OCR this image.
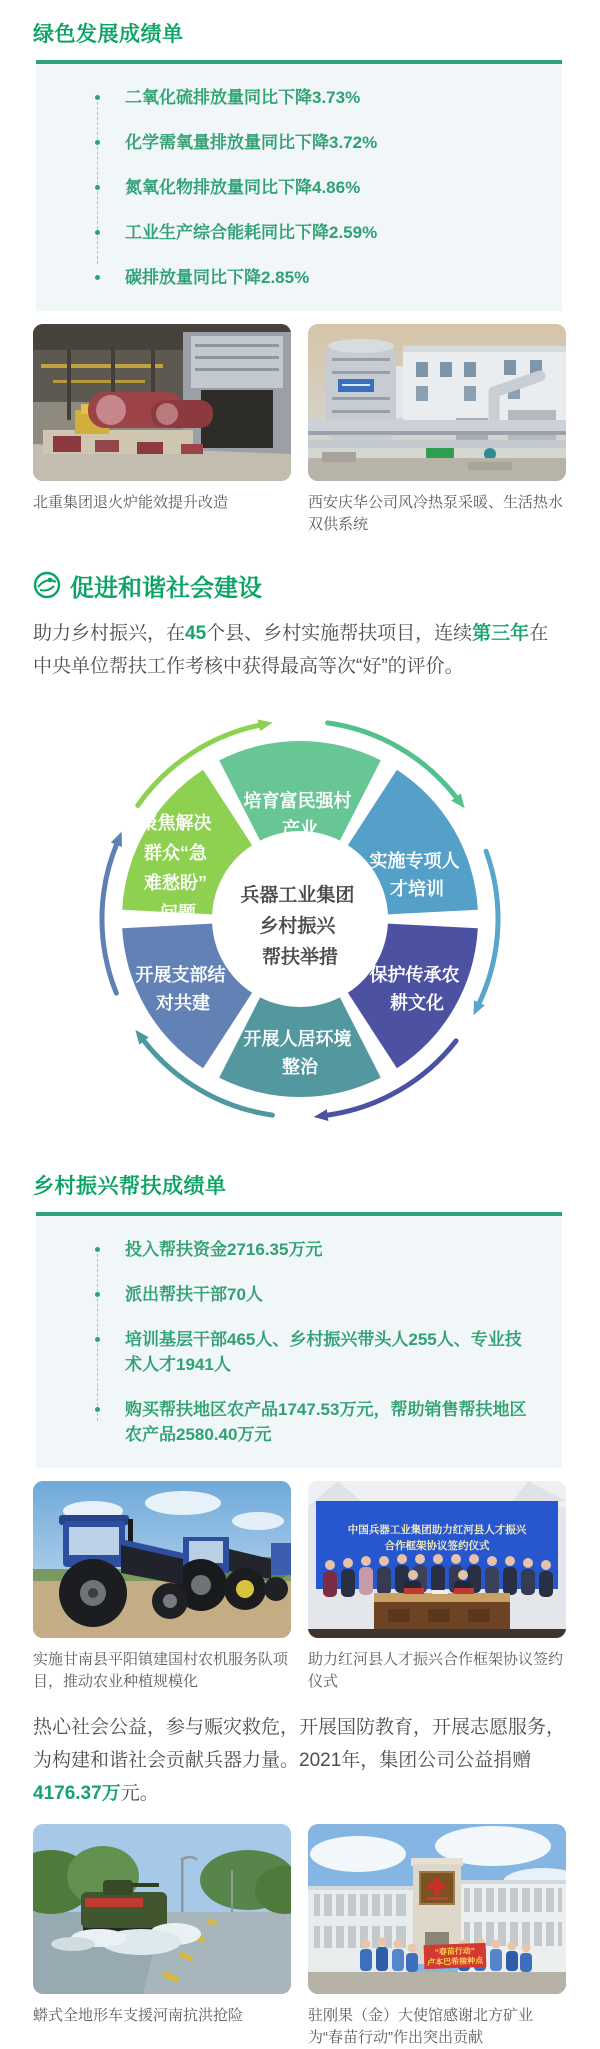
绿色发展成绩单
二氧化硫排放量同比下降3.73%
化学需氧量排放量同比下降3.72%
氮氧化物排放量同比下降4.86%
工业生产综合能耗同比下降2.59%
碳排放量同比下降2.85%
北重集团退火炉能效提升改造	西安庆华公司风冷热泵采暖、生活热水双供系统
促进和谐社会建设

助力乡村振兴，在45个县、乡村实施帮扶项目，连续第三年在中央单位帮扶工作考核中获得最高等次“好”的评价。

培育富民强村 产业
实施专项人 才培训
保护传承农 耕文化
开展人居环境 整治
开展支部结 对共建
聚焦解决 群众“急 难愁盼” 问题
兵器工业集团 乡村振兴 帮扶举措
乡村振兴帮扶成绩单
投入帮扶资金2716.35万元
派出帮扶干部70人
培训基层干部465人、乡村振兴带头人255人、专业技术人才1941人
购买帮扶地区农产品1747.53万元，帮助销售帮扶地区农产品2580.40万元
实施甘南县平阳镇建国村农机服务队项目，推动农业种植规模化
中国兵器工业集团助力红河县人才振兴
合作框架协议签约仪式
助力红河县人才振兴合作框架协议签约仪式

热心社会公益，参与赈灾救危，开展国防教育，开展志愿服务，为构建和谐社会贡献兵器力量。2021年，集团公司公益捐赠4176.37万元。

蟒式全地形车支援河南抗洪抢险
“春苗行动”
卢本巴希接种点
驻刚果（金）大使馆感谢北方矿业为“春苗行动”作出突出贡献
